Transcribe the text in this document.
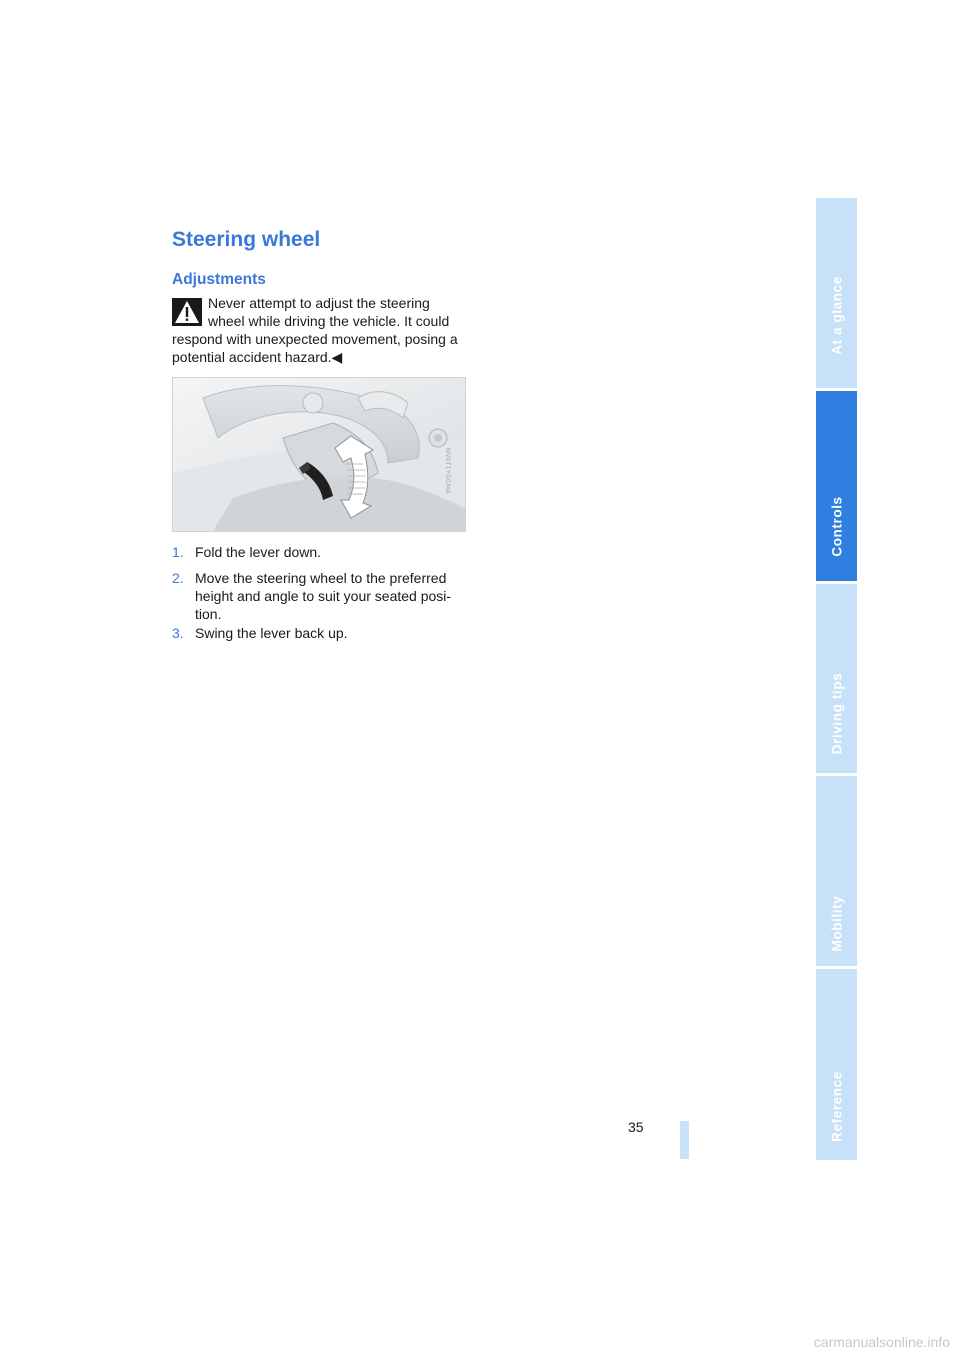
Steering wheel
Adjustments
Never attempt to adjust the steering
wheel while driving the vehicle. It could
respond with unexpected movement, posing a
potential accident hazard.◀
MV0T1YDCMA
1. Fold the lever down.
2. Move the steering wheel to the preferred
height and angle to suit your seated posi-
tion.
3. Swing the lever back up.
At a glance
Controls
Driving tips
Mobility
Reference
35
carmanualsonline.info
